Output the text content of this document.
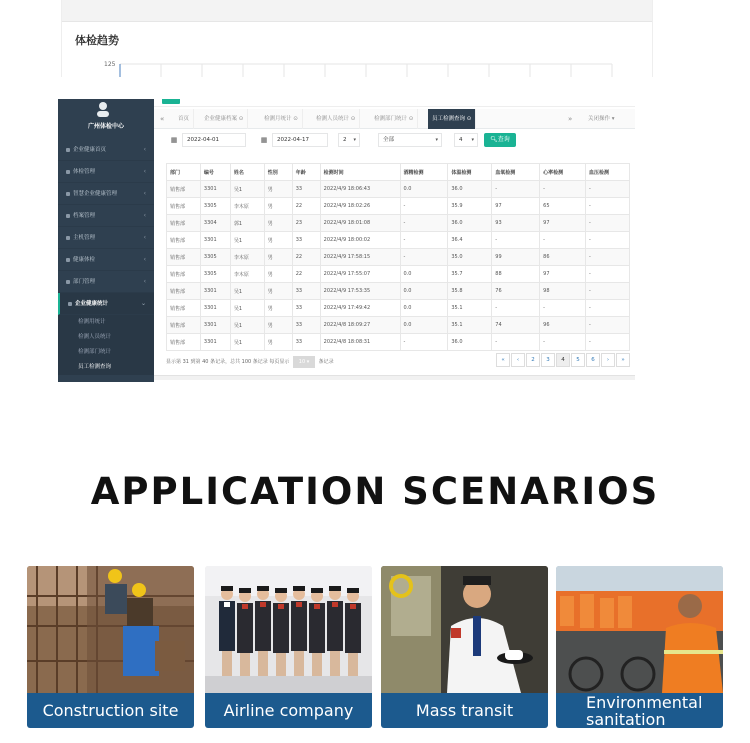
体检趋势
125
广州体检中心
企业健康首页	‹
体检管理	‹
智慧企业健康管理	‹
档案管理	‹
主机管理	‹
健康体检	‹
部门管理	‹
企业健康统计	⌄
检测用统计
检测人员统计
检测部门统计
员工检测查询
«	首页	企业健康档案 ⊙	检测月统计 ⊙	检测人员统计 ⊙	检测部门统计 ⊙	员工检测查询 ⊙	»	关闭操作 ▾
▦	2022-04-01	▦	2022-04-17	2 ▾	全部	▾	4 ▾	🔍︎查询
部门	编号	姓名	性别	年龄	检测时间	酒精检测	体温检测	血氧检测	心率检测	血压检测
销售部	3301	吴1	男	33	2022/4/9 18:06:43	0.0	36.0	-	-	-
销售部	3305	李木原	男	22	2022/4/9 18:02:26	-	35.9	97	65	-
销售部	3304	郭1	男	23	2022/4/9 18:01:08	-	36.0	93	97	-
销售部	3301	吴1	男	33	2022/4/9 18:00:02	-	36.4	-	-	-
销售部	3305	李木原	男	22	2022/4/9 17:58:15	-	35.0	99	86	-
销售部	3305	李木原	男	22	2022/4/9 17:55:07	0.0	35.7	88	97	-
销售部	3301	吴1	男	33	2022/4/9 17:53:35	0.0	35.8	76	98	-
销售部	3301	吴1	男	33	2022/4/9 17:49:42	0.0	35.1	-	-	-
销售部	3301	吴1	男	33	2022/4/8 18:09:27	0.0	35.1	74	96	-
销售部	3301	吴1	男	33	2022/4/8 18:08:31	-	36.0	-	-	-
显示第 31 到第 40 条记录，总共 100 条记录 每页显示 10 ▾ 条记录	«	‹	2	3	4	5	6	›	»
APPLICATION SCENARIOS
Construction site	Airline company	Mass transit	Environmental
sanitation
